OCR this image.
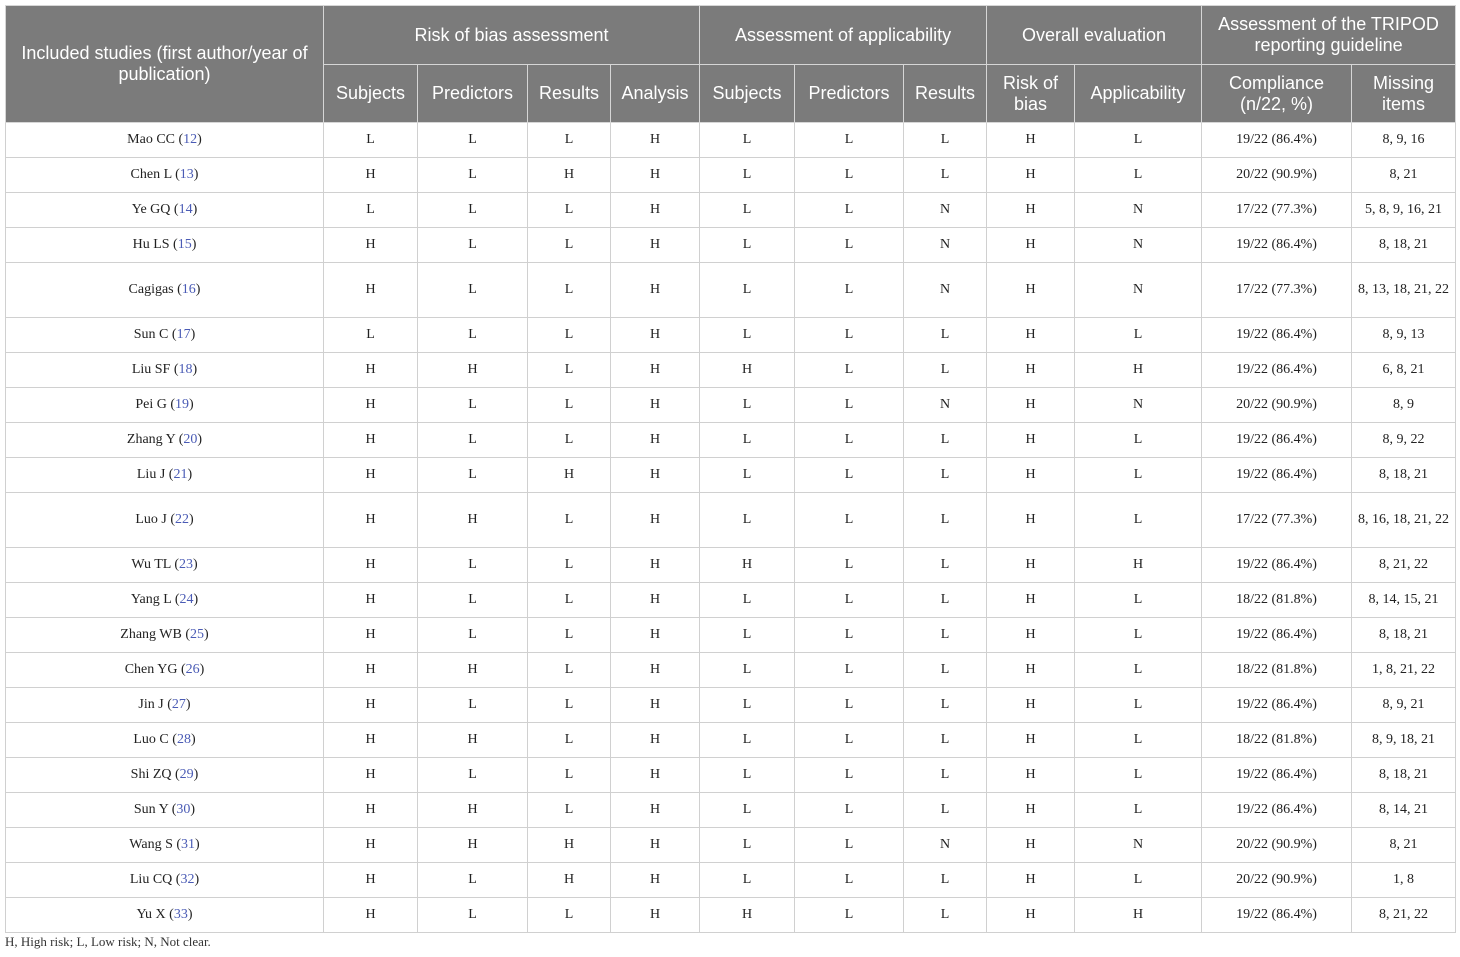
Included studies (first author/year of publication)	Risk of bias assessment				Assessment of applicability			Overall evaluation		Assessment of the TRIPOD reporting guideline	
	Subjects	Predictors	Results	Analysis	Subjects	Predictors	Results	Risk of bias	Applicability	Compliance (n/22, %)	Missing items
Mao CC (12)	L	L	L	H	L	L	L	H	L	19/22 (86.4%)	8, 9, 16
Chen L (13)	H	L	H	H	L	L	L	H	L	20/22 (90.9%)	8, 21
Ye GQ (14)	L	L	L	H	L	L	N	H	N	17/22 (77.3%)	5, 8, 9, 16, 21
Hu LS (15)	H	L	L	H	L	L	N	H	N	19/22 (86.4%)	8, 18, 21
Cagigas (16)	H	L	L	H	L	L	N	H	N	17/22 (77.3%)	8, 13, 18, 21, 22
Sun C (17)	L	L	L	H	L	L	L	H	L	19/22 (86.4%)	8, 9, 13
Liu SF (18)	H	H	L	H	H	L	L	H	H	19/22 (86.4%)	6, 8, 21
Pei G (19)	H	L	L	H	L	L	N	H	N	20/22 (90.9%)	8, 9
Zhang Y (20)	H	L	L	H	L	L	L	H	L	19/22 (86.4%)	8, 9, 22
Liu J (21)	H	L	H	H	L	L	L	H	L	19/22 (86.4%)	8, 18, 21
Luo J (22)	H	H	L	H	L	L	L	H	L	17/22 (77.3%)	8, 16, 18, 21, 22
Wu TL (23)	H	L	L	H	H	L	L	H	H	19/22 (86.4%)	8, 21, 22
Yang L (24)	H	L	L	H	L	L	L	H	L	18/22 (81.8%)	8, 14, 15, 21
Zhang WB (25)	H	L	L	H	L	L	L	H	L	19/22 (86.4%)	8, 18, 21
Chen YG (26)	H	H	L	H	L	L	L	H	L	18/22 (81.8%)	1, 8, 21, 22
Jin J (27)	H	L	L	H	L	L	L	H	L	19/22 (86.4%)	8, 9, 21
Luo C (28)	H	H	L	H	L	L	L	H	L	18/22 (81.8%)	8, 9, 18, 21
Shi ZQ (29)	H	L	L	H	L	L	L	H	L	19/22 (86.4%)	8, 18, 21
Sun Y (30)	H	H	L	H	L	L	L	H	L	19/22 (86.4%)	8, 14, 21
Wang S (31)	H	H	H	H	L	L	N	H	N	20/22 (90.9%)	8, 21
Liu CQ (32)	H	L	H	H	L	L	L	H	L	20/22 (90.9%)	1, 8
Yu X (33)	H	L	L	H	H	L	L	H	H	19/22 (86.4%)	8, 21, 22
H, High risk; L, Low risk; N, Not clear.
